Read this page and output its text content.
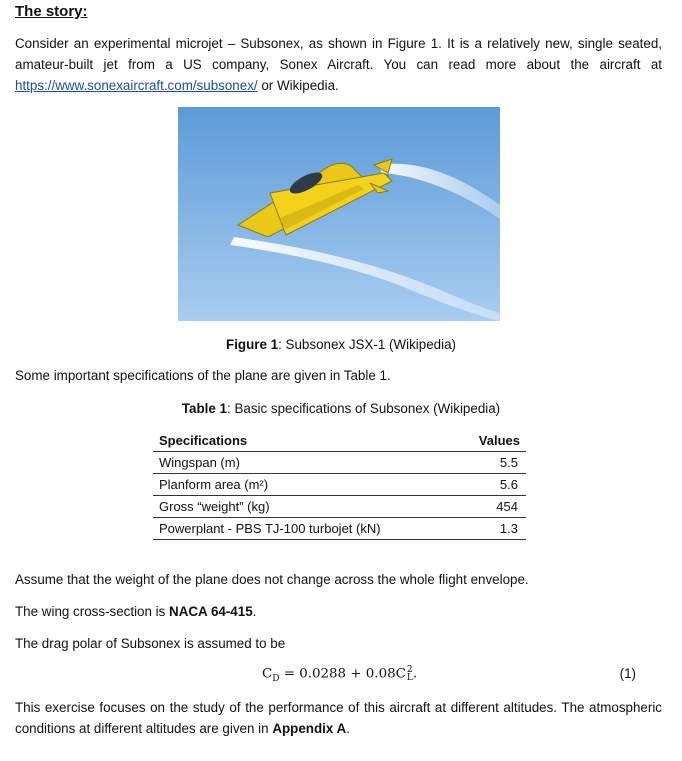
The story:
Consider an experimental microjet – Subsonex, as shown in Figure 1. It is a relatively new, single seated, amateur-built jet from a US company, Sonex Aircraft. You can read more about the aircraft at https://www.sonexaircraft.com/subsonex/ or Wikipedia.
Figure 1: Subsonex JSX-1 (Wikipedia)
Some important specifications of the plane are given in Table 1.
Table 1: Basic specifications of Subsonex (Wikipedia)
Specifications	Values
Wingspan (m)	5.5
Planform area (m²)	5.6
Gross “weight” (kg)	454
Powerplant - PBS TJ-100 turbojet (kN)	1.3
Assume that the weight of the plane does not change across the whole flight envelope.
The wing cross-section is NACA 64-415.
The drag polar of Subsonex is assumed to be
$C_D = 0.0288 + 0.08C$ 2
L .	(1)
This exercise focuses on the study of the performance of this aircraft at different altitudes. The atmospheric conditions at different altitudes are given in Appendix A.
